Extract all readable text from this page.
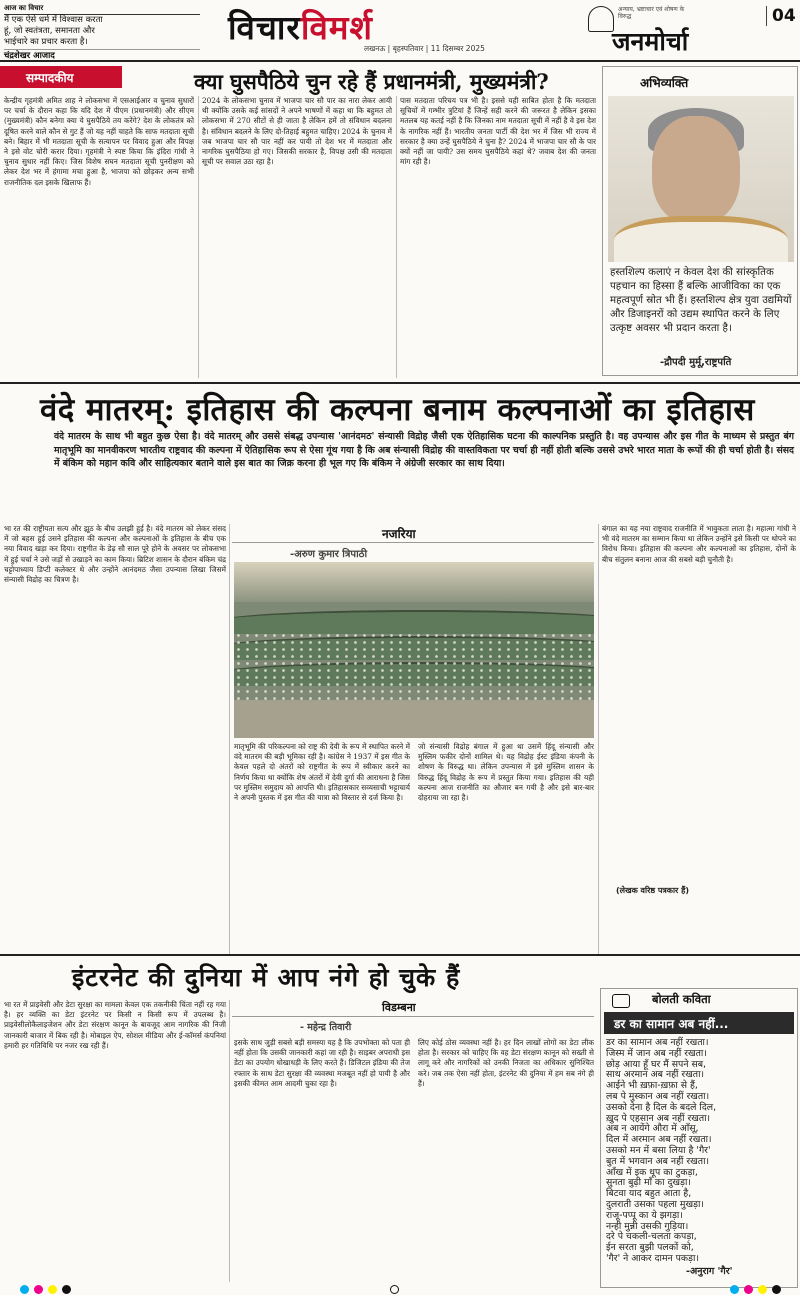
आज का विचार
मैं एक ऐसे धर्म में विश्वास करता
हूं, जो स्वतंत्रता, समानता और
भाईचारे का प्रचार करता है।
चंद्रशेखर आजाद
विचारविमर्श
लखनऊ | बृहस्पतिवार | 11 दिसम्बर 2025
अन्याय, भ्रष्टाचार एवं शोषण के विरुद्ध
जनमोर्चा
04
सम्पादकीय	क्या घुसपैठिये चुन रहे हैं प्रधानमंत्री, मुख्यमंत्री?

केन्द्रीय गृहमंत्री अमित शाह ने लोकसभा में एसआईआर व चुनाव सुधारों पर चर्चा के दौरान कहा कि यदि देश में पीएम (प्रधानमंत्री) और सीएम (मुख्यमंत्री) कौन बनेगा क्या ये घुसपैठिये तय करेंगे? देश के लोकतंत्र को दूषित करने वाले कौन से गुट हैं जो यह नहीं चाहते कि साफ मतदाता सूची बने। बिहार में भी मतदाता सूची के सत्यापन पर विवाद हुआ और विपक्ष ने इसे वोट चोरी करार दिया। गृहमंत्री ने स्पष्ट किया कि इंदिरा गांधी ने चुनाव सुधार नहीं किए। जिस विशेष सघन मतदाता सूची पुनरीक्षण को लेकर देश भर में हंगामा मचा हुआ है, भाजपा को छोड़कर अन्य सभी राजनीतिक दल इसके खिलाफ हैं।

2024 के लोकसभा चुनाव में भाजपा चार सौ पार का नारा लेकर आयी थी क्योंकि उसके कई सांसदों ने अपने भाषणों में कहा था कि बहुमत तो लोकसभा में 270 सीटों से ही जाता है लेकिन हमें तो संविधान बदलना है। संविधान बदलने के लिए दो-तिहाई बहुमत चाहिए। 2024 के चुनाव में जब भाजपा चार सौ पार नहीं कर पायी तो देश भर में मतदाता और नागरिक घुसपैठिया हो गए। जिसकी सरकार है, विपक्ष उसी की मतदाता सूची पर सवाल उठा रहा है।

पास मतदाता परिचय पत्र भी है। इससे यही साबित होता है कि मतदाता सूचियों में गम्भीर त्रुटियां हैं जिन्हें सही करने की जरूरत है लेकिन इसका मतलब यह कतई नहीं है कि जिनका नाम मतदाता सूची में नहीं है वे इस देश के नागरिक नहीं हैं। भारतीय जनता पार्टी की देश भर में जिस भी राज्य में सरकार है क्या उन्हें घुसपैठिये ने चुना है? 2024 में भाजपा चार सौ के पार क्यों नहीं जा पायी? उस समय घुसपैठिये कहां थे? जवाब देश की जनता मांग रही है।

अभिव्यक्ति
हस्तशिल्प कलाएं न केवल देश की सांस्कृतिक पहचान का हिस्सा हैं बल्कि आजीविका का एक महत्वपूर्ण स्रोत भी हैं। हस्तशिल्प क्षेत्र युवा उद्यमियों और डिजाइनरों को उद्यम स्थापित करने के लिए उत्कृष्ट अवसर भी प्रदान करता है।
-द्रौपदी मुर्मू,राष्ट्रपति
वंदे मातरम्: इतिहास की कल्पना बनाम कल्पनाओं का इतिहास
वंदे मातरम के साथ भी बहुत कुछ ऐसा है। वंदे मातरम् और उससे संबद्ध उपन्यास 'आनंदमठ' संन्यासी विद्रोह जैसी एक ऐतिहासिक घटना की काल्पनिक प्रस्तुति है। वह उपन्यास और इस गीत के माध्यम से प्रस्तुत बंग मातृभूमि का मानवीकरण भारतीय राष्ट्रवाद की कल्पना में ऐतिहासिक रूप से ऐसा गूंथ गया है कि अब संन्यासी विद्रोह की वास्तविकता पर चर्चा ही नहीं होती बल्कि उससे उभरे भारत माता के रूपों की ही चर्चा होती है। संसद में बंकिम को महान कवि और साहित्यकार बताने वाले इस बात का जिक्र करना ही भूल गए कि बंकिम ने अंग्रेजी सरकार का साथ दिया।

भा रत की राष्ट्रीयता सत्य और झूठ के बीच उलझी हुई है। वंदे मातरम को लेकर संसद में जो बहस हुई उसने इतिहास की कल्पना और कल्पनाओं के इतिहास के बीच एक नया विवाद खड़ा कर दिया। राष्ट्रगीत के डेढ़ सौ साल पूरे होने के अवसर पर लोकसभा में हुई चर्चा ने उसे जड़ों से उखाड़ने का काम किया। ब्रिटिश शासन के दौरान बंकिम चंद्र चट्टोपाध्याय डिप्टी कलेक्टर थे और उन्होंने आनंदमठ जैसा उपन्यास लिखा जिसमें संन्यासी विद्रोह का चित्रण है।

नजरिया
-अरुण कुमार त्रिपाठी

मातृभूमि की परिकल्पना को राष्ट्र की देवी के रूप में स्थापित करने में वंदे मातरम की बड़ी भूमिका रही है। कांग्रेस ने 1937 में इस गीत के केवल पहले दो अंतरों को राष्ट्रगीत के रूप में स्वीकार करने का निर्णय किया था क्योंकि शेष अंतरों में देवी दुर्गा की आराधना है जिस पर मुस्लिम समुदाय को आपत्ति थी। इतिहासकार सव्यसाची भट्टाचार्य ने अपनी पुस्तक में इस गीत की यात्रा को विस्तार से दर्ज किया है।

जो संन्यासी विद्रोह बंगाल में हुआ था उसमें हिंदू संन्यासी और मुस्लिम फकीर दोनों शामिल थे। यह विद्रोह ईस्ट इंडिया कंपनी के शोषण के विरुद्ध था। लेकिन उपन्यास में इसे मुस्लिम शासन के विरुद्ध हिंदू विद्रोह के रूप में प्रस्तुत किया गया। इतिहास की यही कल्पना आज राजनीति का औजार बन गयी है और इसे बार-बार दोहराया जा रहा है।

बंगाल का यह नया राष्ट्रवाद राजनीति में भावुकता लाता है। महात्मा गांधी ने भी वंदे मातरम का सम्मान किया था लेकिन उन्होंने इसे किसी पर थोपने का विरोध किया। इतिहास की कल्पना और कल्पनाओं का इतिहास, दोनों के बीच संतुलन बनाना आज की सबसे बड़ी चुनौती है।

(लेखक वरिष्ठ पत्रकार हैं)
इंटरनेट की दुनिया में आप नंगे हो चुके हैं

भा रत में प्राइवेसी और डेटा सुरक्षा का मामला केवल एक तकनीकी चिंता नहीं रह गया है। हर व्यक्ति का डेटा इंटरनेट पर किसी न किसी रूप में उपलब्ध है। प्राइवेसीलोकैलाइजेशन और डेटा संरक्षण कानून के बावजूद आम नागरिक की निजी जानकारी बाजार में बिक रही है। मोबाइल ऐप, सोशल मीडिया और ई-कॉमर्स कंपनियां हमारी हर गतिविधि पर नजर रख रही हैं।

विडम्बना
- महेन्द्र तिवारी

इसके साथ जुड़ी सबसे बड़ी समस्या यह है कि उपभोक्ता को पता ही नहीं होता कि उसकी जानकारी कहां जा रही है। साइबर अपराधी इस डेटा का उपयोग धोखाधड़ी के लिए करते हैं। डिजिटल इंडिया की तेज रफ्तार के साथ डेटा सुरक्षा की व्यवस्था मजबूत नहीं हो पायी है और इसकी कीमत आम आदमी चुका रहा है।

लिए कोई ठोस व्यवस्था नहीं है। हर दिन लाखों लोगों का डेटा लीक होता है। सरकार को चाहिए कि वह डेटा संरक्षण कानून को सख्ती से लागू करे और नागरिकों को उनकी निजता का अधिकार सुनिश्चित करे। जब तक ऐसा नहीं होता, इंटरनेट की दुनिया में हम सब नंगे ही हैं।

बोलती कविता
डर का सामान अब नहीं...
डर का सामान अब नहीं रखता।
जिस्म में जान अब नहीं रखता।
छोड़ आया हूँ घर मैं सपने सब,
साथ अरमान अब नहीं रखता।
आईने भी ख़फ़ा-ख़फ़ा से हैं,
लब पे मुस्कान अब नहीं रखता।
उसको देना है दिल के बदले दिल,
ख़ुद पे एहसान अब नहीं रखता।
अब न आयेंगे औरा में आँसू,
दिल में अरमान अब नहीं रखता।
उसको मन में बसा लिया है 'गैर'
बुत में भगवान अब नहीं रखता।
आँख में इक धूप का टुकड़ा,
सुनता बुढ़ी माँ का दुखड़ा।
बिटवा याद बहुत आता है,
दुलराती उसका पहला मुखड़ा।
राजू-पप्पू का ये झगड़ा।
नन्ही मुन्नी उसकी गुड़िया।
दरे पे चकली-चलता कपड़ा,
ईन सरता बुझी पलकों को,
'गैर' ने आकर दामन पकड़ा।
-अनुराग 'गैर'
